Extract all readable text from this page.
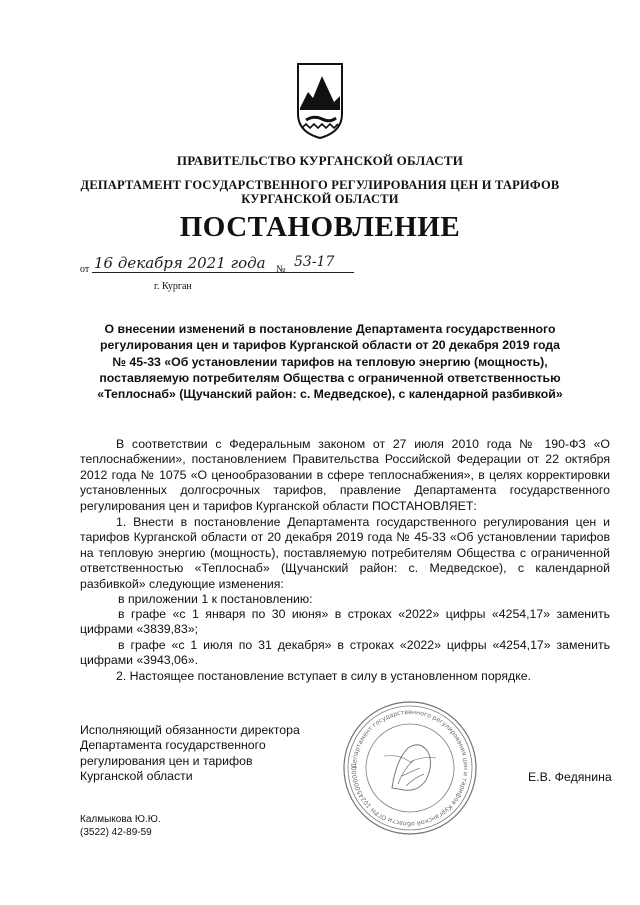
ПРАВИТЕЛЬСТВО КУРГАНСКОЙ ОБЛАСТИ
ДЕПАРТАМЕНТ ГОСУДАРСТВЕННОГО РЕГУЛИРОВАНИЯ ЦЕН И ТАРИФОВ
КУРГАНСКОЙ ОБЛАСТИ
ПОСТАНОВЛЕНИЕ
от 16 декабря 2021 года	№ 53-17
г. Курган
О внесении изменений в постановление Департамента государственного
регулирования цен и тарифов Курганской области от 20 декабря 2019 года
№ 45-33 «Об установлении тарифов на тепловую энергию (мощность),
поставляемую потребителям Общества с ограниченной ответственностью
«Теплоснаб» (Щучанский район: с. Медведское), с календарной разбивкой»
В соответствии с Федеральным законом от 27 июля 2010 года № 190-ФЗ «О теплоснабжении», постановлением Правительства Российской Федерации от 22 октября 2012 года № 1075 «О ценообразовании в сфере теплоснабжения», в целях корректировки установленных долгосрочных тарифов, правление Департамента государственного регулирования цен и тарифов Курганской области ПОСТАНОВЛЯЕТ:
1. Внести в постановление Департамента государственного регулирования цен и тарифов Курганской области от 20 декабря 2019 года № 45-33 «Об установлении тарифов на тепловую энергию (мощность), поставляемую потребителям Общества с ограниченной ответственностью «Теплоснаб» (Щучанский район: с. Медведское), с календарной разбивкой» следующие изменения:
в приложении 1 к постановлению:
в графе «с 1 января по 30 июня» в строках «2022» цифры «4254,17» заменить цифрами «3839,83»;
в графе «с 1 июля по 31 декабря» в строках «2022» цифры «4254,17» заменить цифрами «3943,06».
2. Настоящее постановление вступает в силу в установленном порядке.
Исполняющий обязанности директора
Департамента государственного
регулирования цен и тарифов
Курганской области
Департамент государственного регулирования цен и тарифов Курганской области ОГРН 10245000000
Е.В. Федянина
Калмыкова Ю.Ю.
(3522) 42-89-59
